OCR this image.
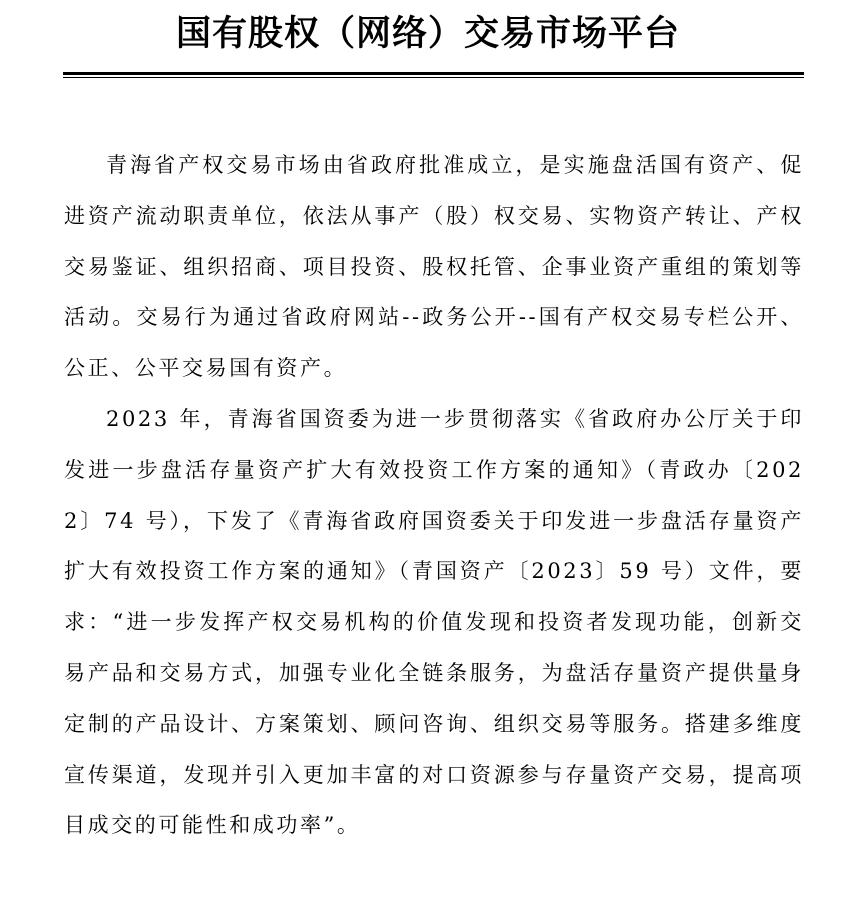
国有股权（网络）交易市场平台

青海省产权交易市场由省政府批准成立，是实施盘活国有资产、促进资产流动职责单位，依法从事产（股）权交易、实物资产转让、产权交易鉴证、组织招商、项目投资、股权托管、企事业资产重组的策划等活动。交易行为通过省政府网站--政务公开--国有产权交易专栏公开、公正、公平交易国有资产。

2023 年，青海省国资委为进一步贯彻落实《省政府办公厅关于印发进一步盘活存量资产扩大有效投资工作方案的通知》（青政办〔2022〕74 号），下发了《青海省政府国资委关于印发进一步盘活存量资产扩大有效投资工作方案的通知》（青国资产〔2023〕59 号）文件，要求：“进一步发挥产权交易机构的价值发现和投资者发现功能，创新交易产品和交易方式，加强专业化全链条服务，为盘活存量资产提供量身定制的产品设计、方案策划、顾问咨询、组织交易等服务。搭建多维度宣传渠道，发现并引入更加丰富的对口资源参与存量资产交易，提高项目成交的可能性和成功率”。
